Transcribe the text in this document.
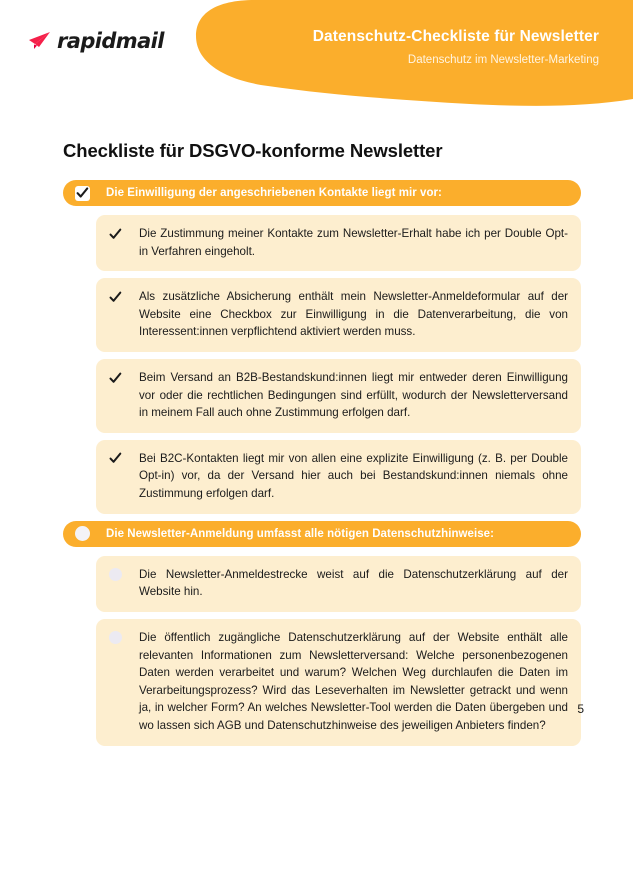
rapidmail	Datenschutz-Checkliste für Newsletter
Datenschutz im Newsletter-Marketing
Checkliste für DSGVO-konforme Newsletter
Die Einwilligung der angeschriebenen Kontakte liegt mir vor:
Die Zustimmung meiner Kontakte zum Newsletter-Erhalt habe ich per Double Opt-in Verfahren eingeholt.
Als zusätzliche Absicherung enthält mein Newsletter-Anmeldeformular auf der Website eine Checkbox zur Einwilligung in die Datenverarbeitung, die von Interessent:innen verpflichtend aktiviert werden muss.
Beim Versand an B2B-Bestandskund:innen liegt mir entweder deren Einwilligung vor oder die rechtlichen Bedingungen sind erfüllt, wodurch der Newsletterversand in meinem Fall auch ohne Zustimmung erfolgen darf.
Bei B2C-Kontakten liegt mir von allen eine explizite Einwilligung (z. B. per Double Opt-in) vor, da der Versand hier auch bei Bestandskund:innen niemals ohne Zustimmung erfolgen darf.
Die Newsletter-Anmeldung umfasst alle nötigen Datenschutzhinweise:
Die Newsletter-Anmeldestrecke weist auf die Datenschutzerklärung auf der Website hin.
Die öffentlich zugängliche Datenschutzerklärung auf der Website enthält alle relevanten Informationen zum Newsletterversand: Welche personenbezogenen Daten werden verarbeitet und warum? Welchen Weg durchlaufen die Daten im Verarbeitungsprozess? Wird das Leseverhalten im Newsletter getrackt und wenn ja, in welcher Form? An welches Newsletter-Tool werden die Daten übergeben und wo lassen sich AGB und Datenschutzhinweise des jeweiligen Anbieters finden?
5
